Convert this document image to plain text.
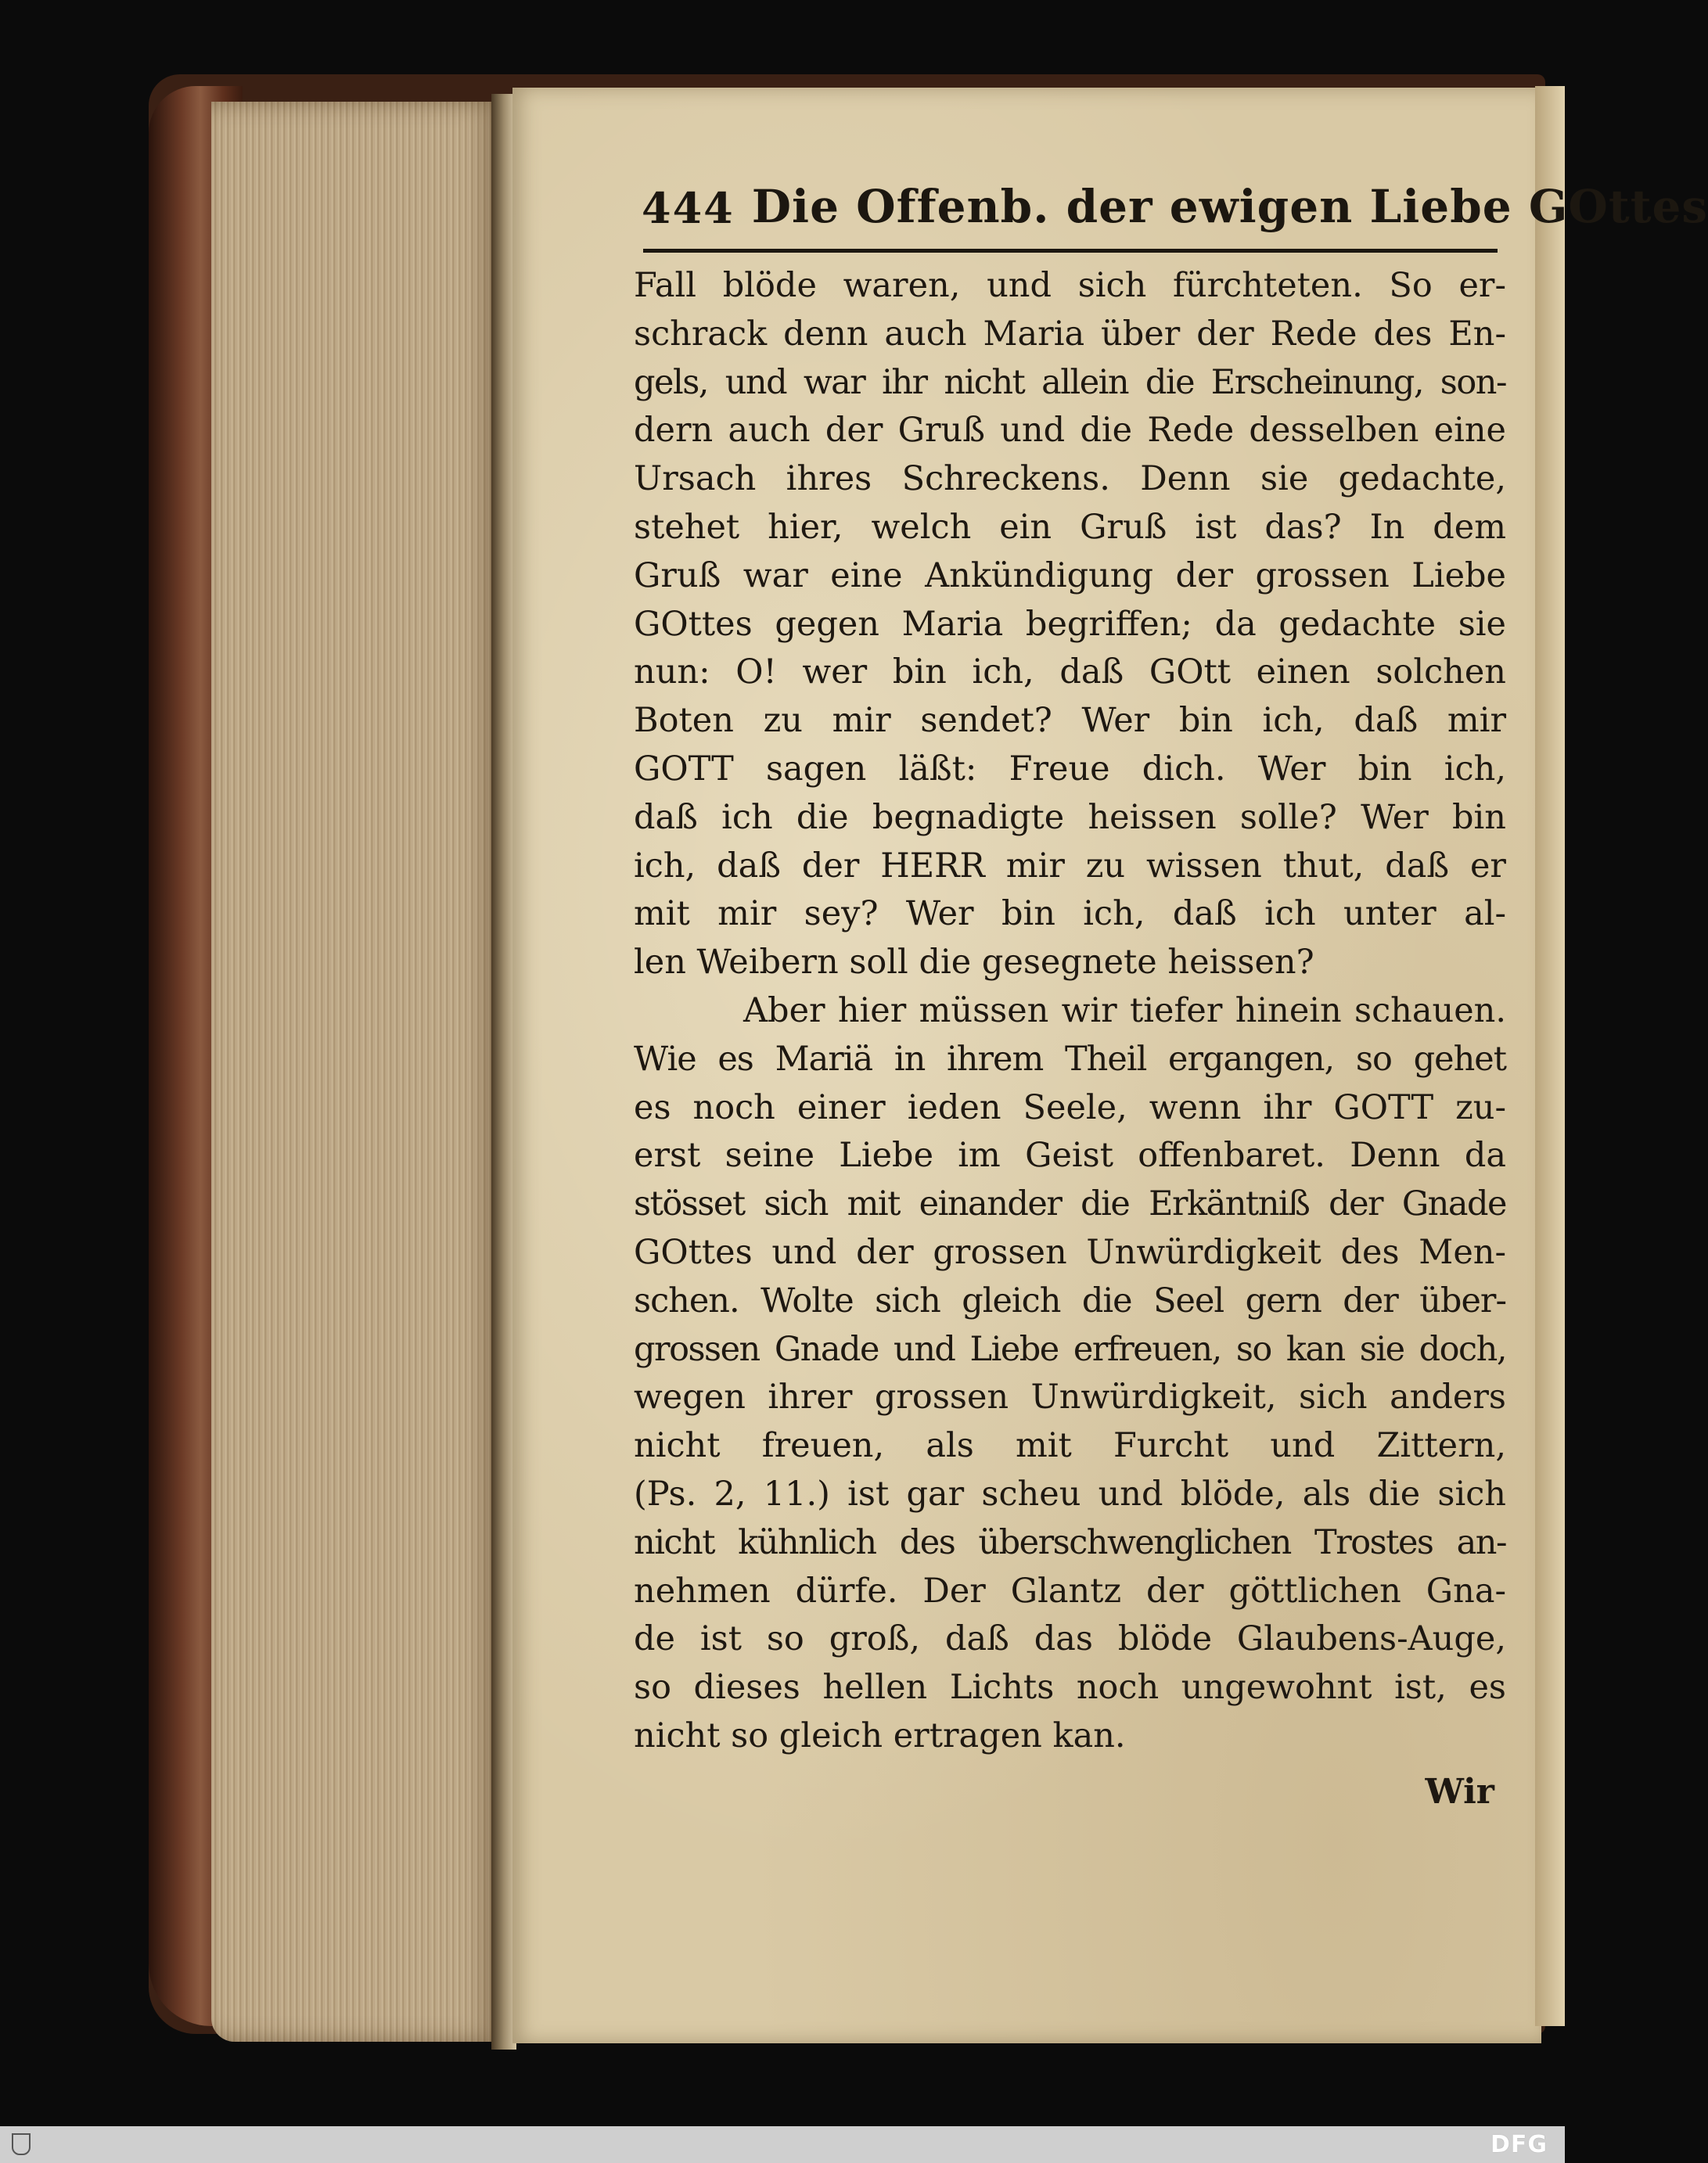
444 Die Offenb. der ewigen Liebe GOttes
Fall blöde waren, und sich fürchteten. So er-
schrack denn auch Maria über der Rede des En-
gels, und war ihr nicht allein die Erscheinung, son-
dern auch der Gruß und die Rede desselben eine
Ursach ihres Schreckens. Denn sie gedachte,
stehet hier, welch ein Gruß ist das? In dem
Gruß war eine Ankündigung der grossen Liebe
GOttes gegen Maria begriffen; da gedachte sie
nun: O! wer bin ich, daß GOtt einen solchen
Boten zu mir sendet? Wer bin ich, daß mir
GOTT sagen läßt: Freue dich. Wer bin ich,
daß ich die begnadigte heissen solle? Wer bin
ich, daß der HERR mir zu wissen thut, daß er
mit mir sey? Wer bin ich, daß ich unter al-
len Weibern soll die gesegnete heissen?
Aber hier müssen wir tiefer hinein schauen.
Wie es Mariä in ihrem Theil ergangen, so gehet
es noch einer ieden Seele, wenn ihr GOTT zu-
erst seine Liebe im Geist offenbaret. Denn da
stösset sich mit einander die Erkäntniß der Gnade
GOttes und der grossen Unwürdigkeit des Men-
schen. Wolte sich gleich die Seel gern der über-
grossen Gnade und Liebe erfreuen, so kan sie doch,
wegen ihrer grossen Unwürdigkeit, sich anders
nicht freuen, als mit Furcht und Zittern,
(Ps. 2, 11.) ist gar scheu und blöde, als die sich
nicht kühnlich des überschwenglichen Trostes an-
nehmen dürfe. Der Glantz der göttlichen Gna-
de ist so groß, daß das blöde Glaubens-Auge,
so dieses hellen Lichts noch ungewohnt ist, es
nicht so gleich ertragen kan.
Wir
DFG
